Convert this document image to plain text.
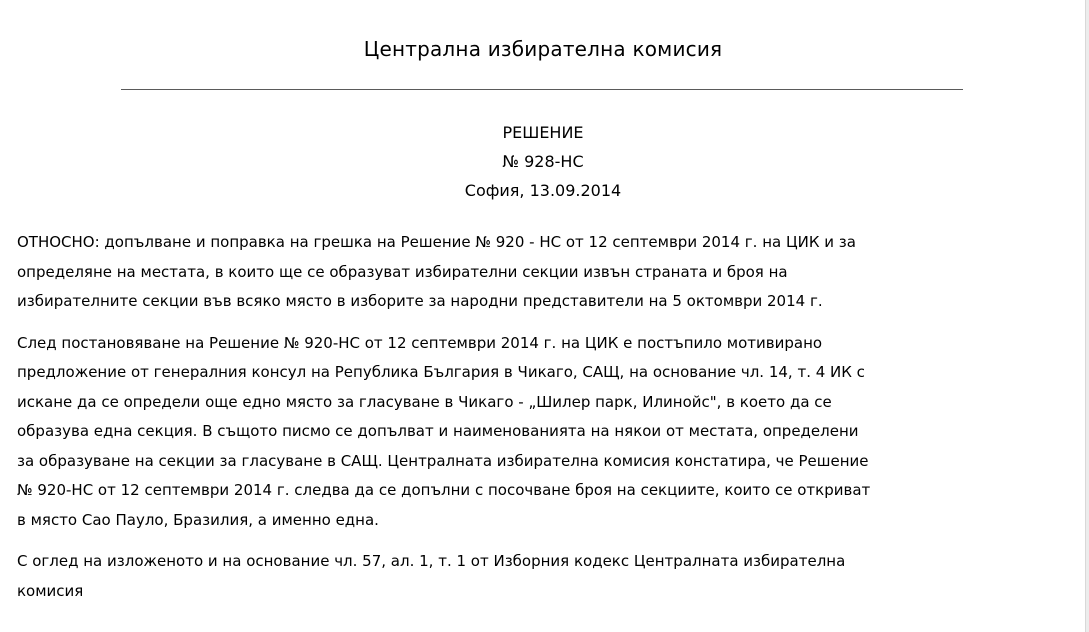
Централна избирателна комисия
РЕШЕНИЕ
№ 928-НС
София, 13.09.2014

ОТНОСНО: допълване и поправка на грешка на Решение № 920 - НС от 12 септември 2014 г. на ЦИК и за
определяне на местата, в които ще се образуват избирателни секции извън страната и броя на
избирателните секции във всяко място в изборите за народни представители на 5 октомври 2014 г.

След постановяване на Решение № 920-НС от 12 септември 2014 г. на ЦИК е постъпило мотивирано
предложение от генералния консул на Република България в Чикаго, САЩ, на основание чл. 14, т. 4 ИК с
искане да се определи още едно място за гласуване в Чикаго - „Шилер парк, Илинойс", в което да се
образува една секция. В същото писмо се допълват и наименованията на някои от местата, определени
за образуване на секции за гласуване в САЩ. Централната избирателна комисия констатира, че Решение
№ 920-НС от 12 септември 2014 г. следва да се допълни с посочване броя на секциите, които се откриват
в място Сао Пауло, Бразилия, а именно една.

С оглед на изложеното и на основание чл. 57, ал. 1, т. 1 от Изборния кодекс Централната избирателна
комисия
